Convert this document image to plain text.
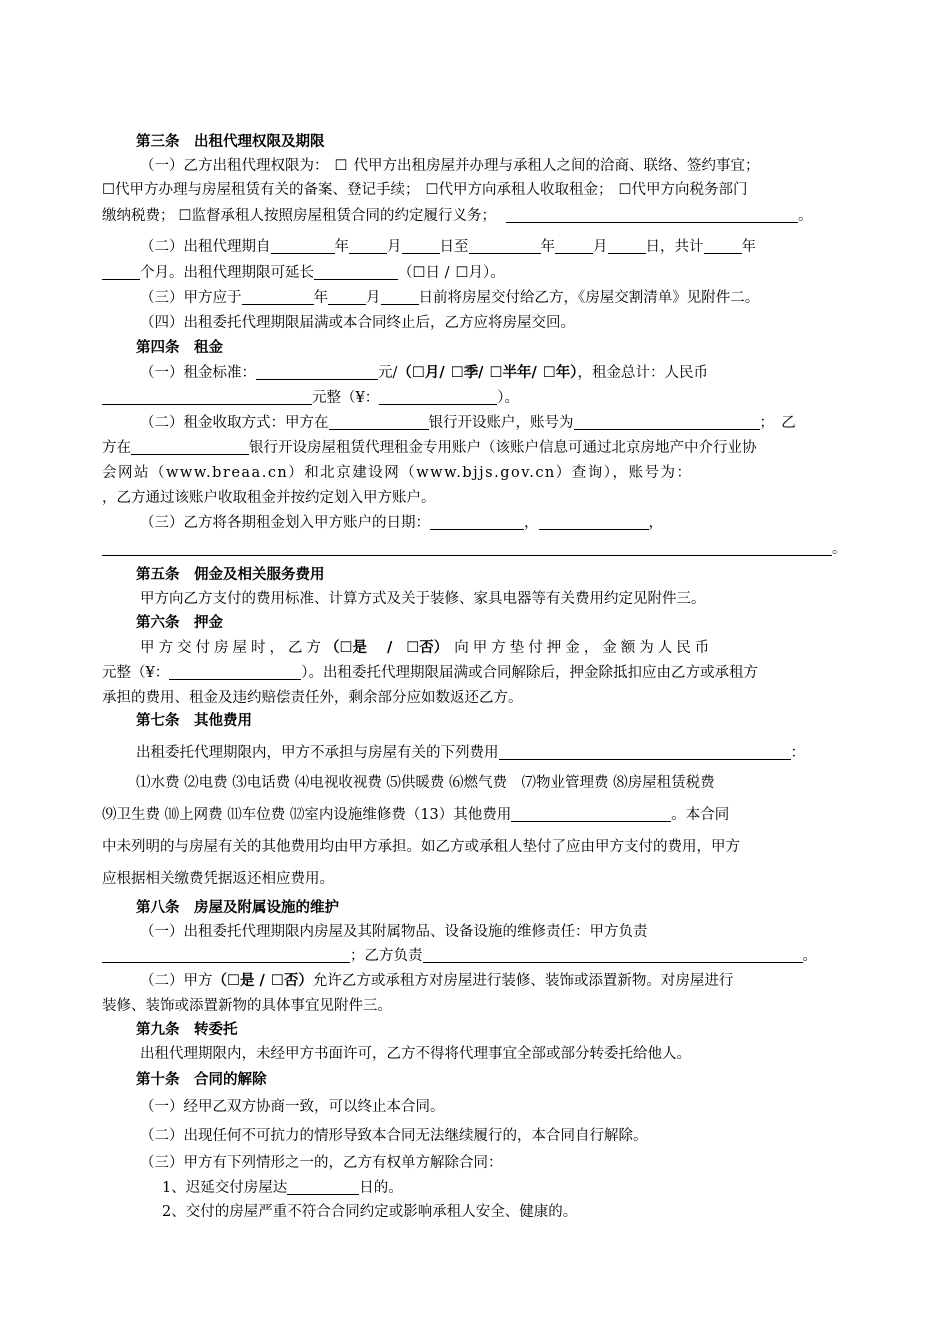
第三条　出租代理权限及期限
（一）乙方出租代理权限为： ☐ 代甲方出租房屋并办理与承租人之间的洽商、联络、签约事宜；
☐代甲方办理与房屋租赁有关的备案、登记手续； ☐代甲方向承租人收取租金； ☐代甲方向税务部门
缴纳税费； ☐监督承租人按照房屋租赁合同的约定履行义务；	。
（二）出租代理期自	年	月	日至	年	月	日，共计	年
个月。出租代理期限可延长	（☐日 / ☐月）。
（三）甲方应于	年	月	日前将房屋交付给乙方，《房屋交割清单》见附件二。
（四）出租委托代理期限届满或本合同终止后，乙方应将房屋交回。
第四条　租金
（一）租金标准：	元/（☐月/ ☐季/ ☐半年/ ☐年），租金总计：人民币
元整（¥：	）。
（二）租金收取方式：甲方在	银行开设账户，账号为	；　乙
方在	银行开设房屋租赁代理租金专用账户（该账户信息可通过北京房地产中介行业协
会网站（www.breaa.cn）和北京建设网（www.bjjs.gov.cn）查询），账号为：
，乙方通过该账户收取租金并按约定划入甲方账户。
（三）乙方将各期租金划入甲方账户的日期：	，	，
。
第五条　佣金及相关服务费用
甲方向乙方支付的费用标准、计算方式及关于装修、家具电器等有关费用约定见附件三。
第六条　押金
甲方交付房屋时，乙方（☐是 / ☐否） 向甲方垫付押金，金额为人民币
元整（¥：	）。出租委托代理期限届满或合同解除后，押金除抵扣应由乙方或承租方
承担的费用、租金及违约赔偿责任外，剩余部分应如数返还乙方。
第七条　其他费用
出租委托代理期限内，甲方不承担与房屋有关的下列费用	：
⑴水费 ⑵电费 ⑶电话费 ⑷电视收视费 ⑸供暖费 ⑹燃气费　⑺物业管理费 ⑻房屋租赁税费
⑼卫生费 ⑽上网费 ⑾车位费 ⑿室内设施维修费（13）其他费用	。本合同
中未列明的与房屋有关的其他费用均由甲方承担。如乙方或承租人垫付了应由甲方支付的费用，甲方
应根据相关缴费凭据返还相应费用。
第八条　房屋及附属设施的维护
（一）出租委托代理期限内房屋及其附属物品、设备设施的维修责任：甲方负责
；乙方负责	。
（二）甲方（☐是 / ☐否）允许乙方或承租方对房屋进行装修、装饰或添置新物。对房屋进行
装修、装饰或添置新物的具体事宜见附件三。
第九条　转委托
出租代理期限内，未经甲方书面许可，乙方不得将代理事宜全部或部分转委托给他人。
第十条　合同的解除
（一）经甲乙双方协商一致，可以终止本合同。
（二）出现任何不可抗力的情形导致本合同无法继续履行的，本合同自行解除。
（三）甲方有下列情形之一的，乙方有权单方解除合同：
1、迟延交付房屋达	日的。
2、交付的房屋严重不符合合同约定或影响承租人安全、健康的。
